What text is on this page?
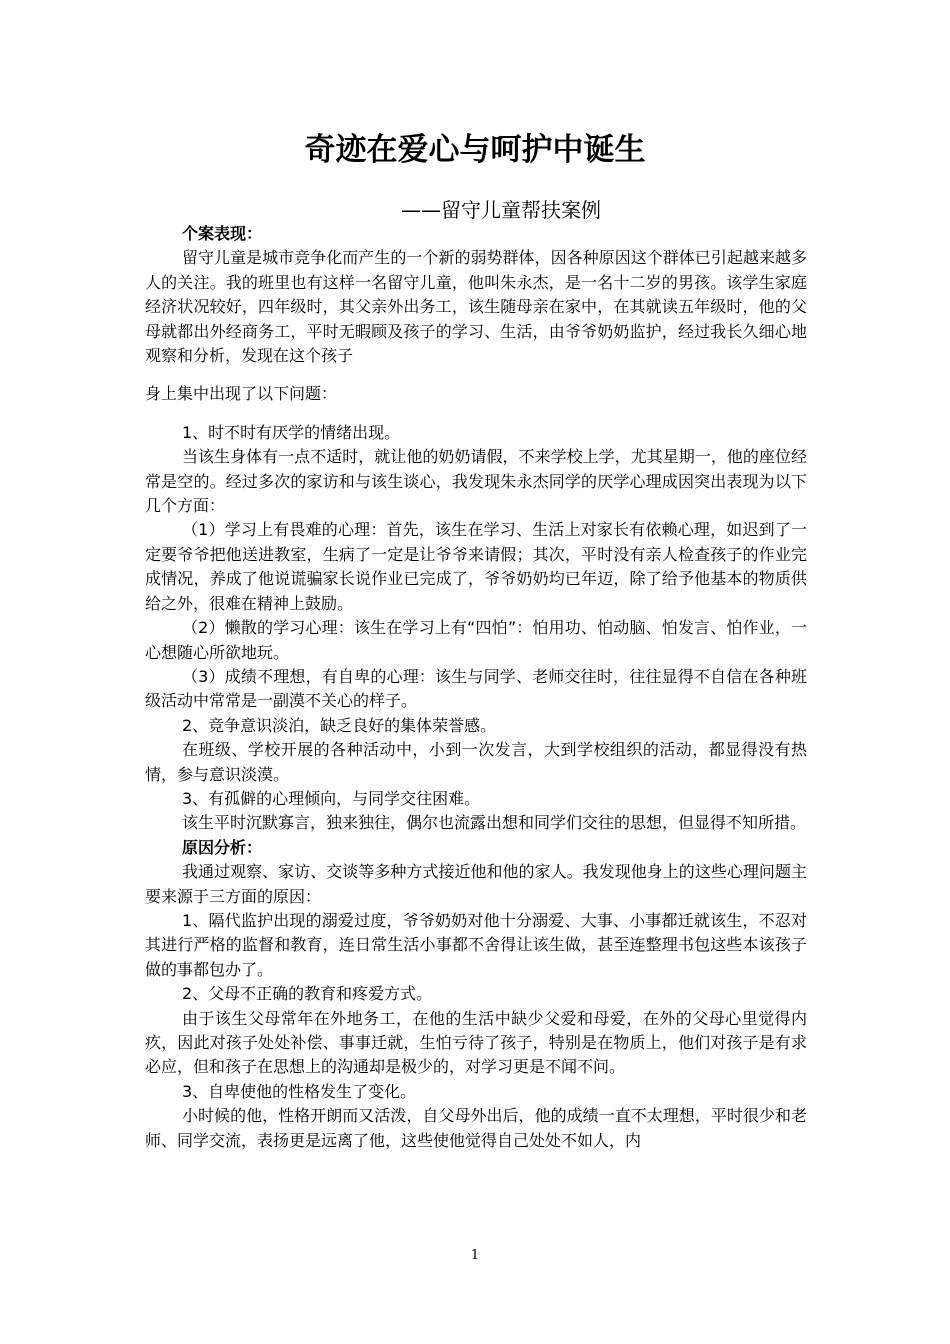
奇迹在爱心与呵护中诞生
——留守儿童帮扶案例

个案表现：

留守儿童是城市竞争化而产生的一个新的弱势群体，因各种原因这个群体已引起越来越多人的关注。我的班里也有这样一名留守儿童，他叫朱永杰，是一名十二岁的男孩。该学生家庭经济状况较好，四年级时，其父亲外出务工，该生随母亲在家中，在其就读五年级时，他的父母就都出外经商务工，平时无暇顾及孩子的学习、生活，由爷爷奶奶监护，经过我长久细心地观察和分析，发现在这个孩子

身上集中出现了以下问题：

1、时不时有厌学的情绪出现。

当该生身体有一点不适时，就让他的奶奶请假，不来学校上学，尤其星期一，他的座位经常是空的。经过多次的家访和与该生谈心，我发现朱永杰同学的厌学心理成因突出表现为以下几个方面：

（1）学习上有畏难的心理：首先，该生在学习、生活上对家长有依赖心理，如迟到了一定要爷爷把他送进教室，生病了一定是让爷爷来请假；其次，平时没有亲人检查孩子的作业完成情况，养成了他说谎骗家长说作业已完成了，爷爷奶奶均已年迈，除了给予他基本的物质供给之外，很难在精神上鼓励。

（2）懒散的学习心理：该生在学习上有“四怕”：怕用功、怕动脑、怕发言、怕作业，一心想随心所欲地玩。

（3）成绩不理想，有自卑的心理：该生与同学、老师交往时，往往显得不自信在各种班级活动中常常是一副漠不关心的样子。

2、竞争意识淡泊，缺乏良好的集体荣誉感。

在班级、学校开展的各种活动中，小到一次发言，大到学校组织的活动，都显得没有热情，参与意识淡漠。

3、有孤僻的心理倾向，与同学交往困难。

该生平时沉默寡言，独来独往，偶尔也流露出想和同学们交往的思想，但显得不知所措。

原因分析：

我通过观察、家访、交谈等多种方式接近他和他的家人。我发现他身上的这些心理问题主要来源于三方面的原因：

1、隔代监护出现的溺爱过度，爷爷奶奶对他十分溺爱、大事、小事都迁就该生，不忍对其进行严格的监督和教育，连日常生活小事都不舍得让该生做，甚至连整理书包这些本该孩子做的事都包办了。

2、父母不正确的教育和疼爱方式。

由于该生父母常年在外地务工，在他的生活中缺少父爱和母爱，在外的父母心里觉得内疚，因此对孩子处处补偿、事事迁就，生怕亏待了孩子，特别是在物质上，他们对孩子是有求必应，但和孩子在思想上的沟通却是极少的，对学习更是不闻不问。

3、自卑使他的性格发生了变化。

小时候的他，性格开朗而又活泼，自父母外出后，他的成绩一直不太理想，平时很少和老师、同学交流，表扬更是远离了他，这些使他觉得自己处处不如人，内

1
